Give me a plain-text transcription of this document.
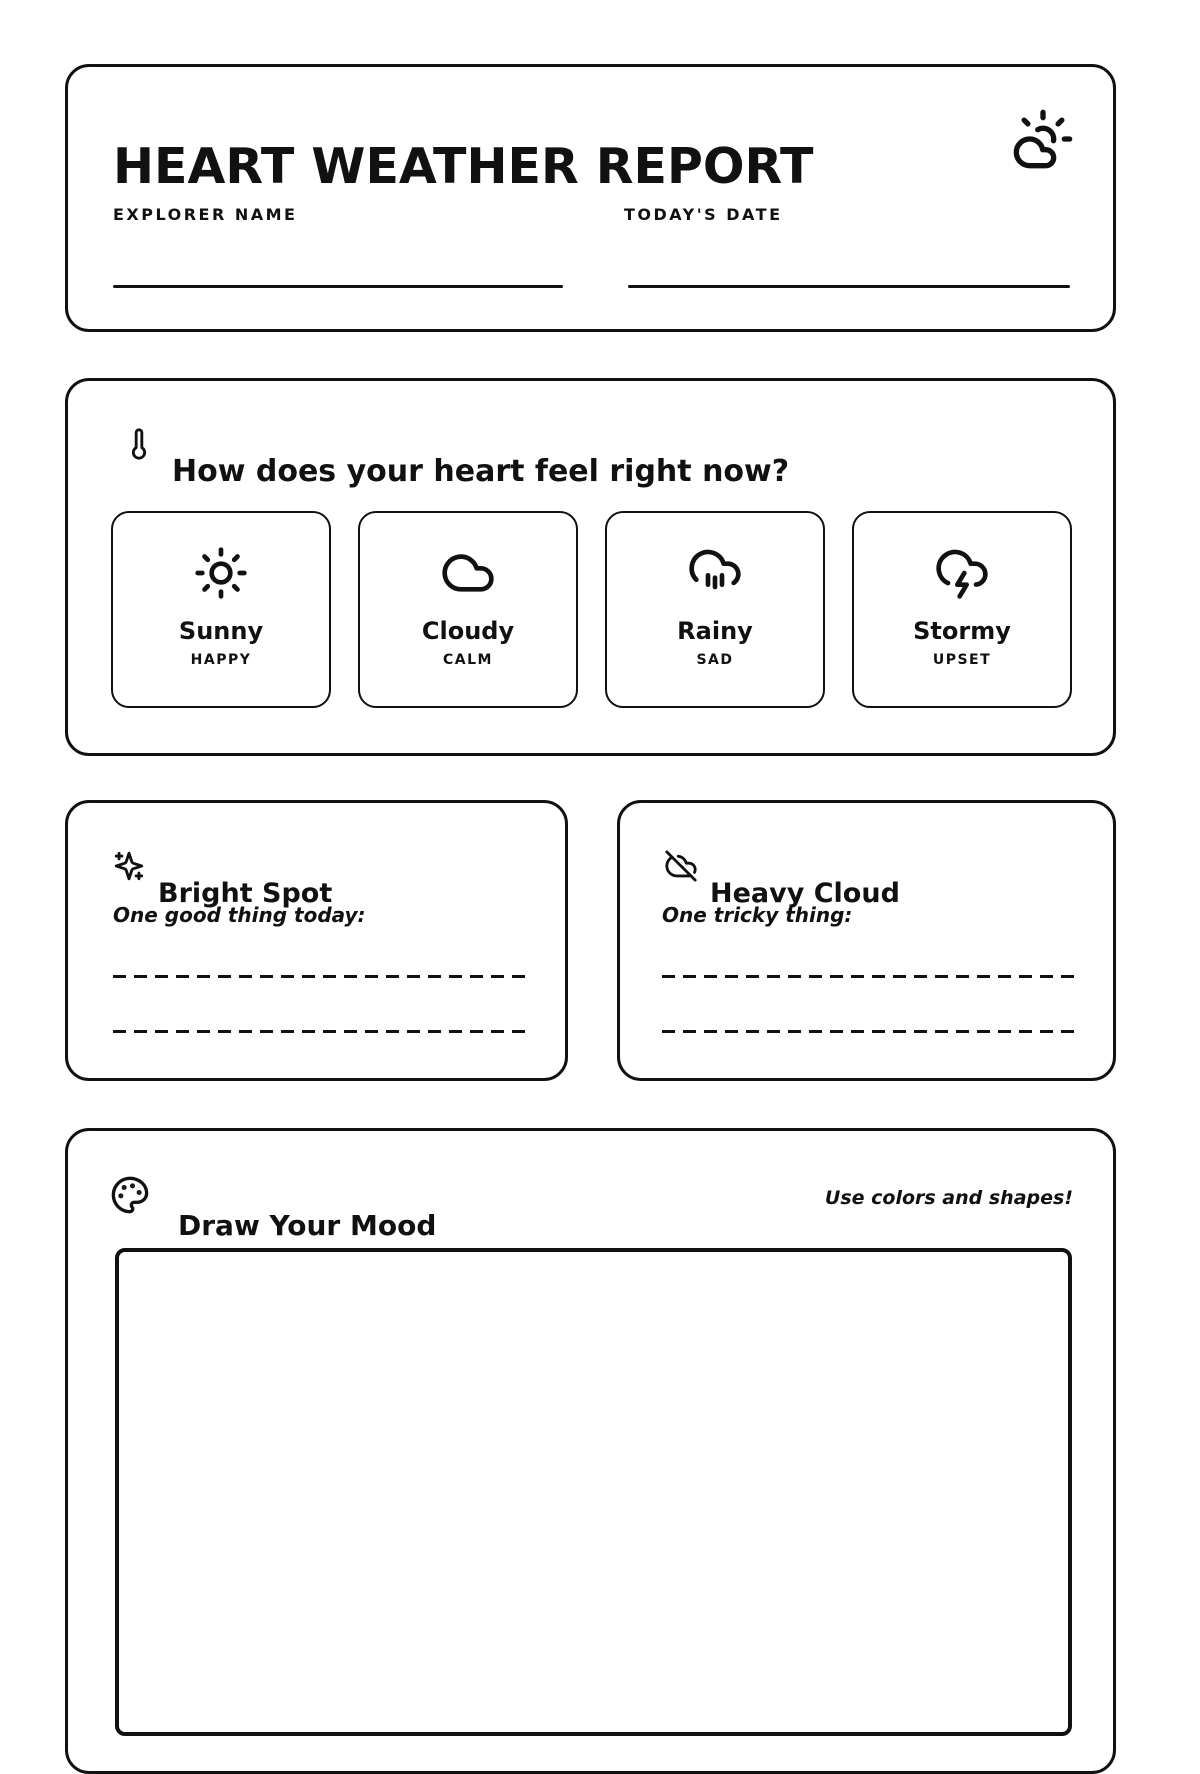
HEART WEATHER REPORT
EXPLORER NAME	TODAY'S DATE
How does your heart feel right now?
Sunny
HAPPY
Cloudy
CALM
Rainy
SAD
Stormy
UPSET
Bright Spot
One good thing today:
Heavy Cloud
One tricky thing:
Draw Your Mood
Use colors and shapes!
